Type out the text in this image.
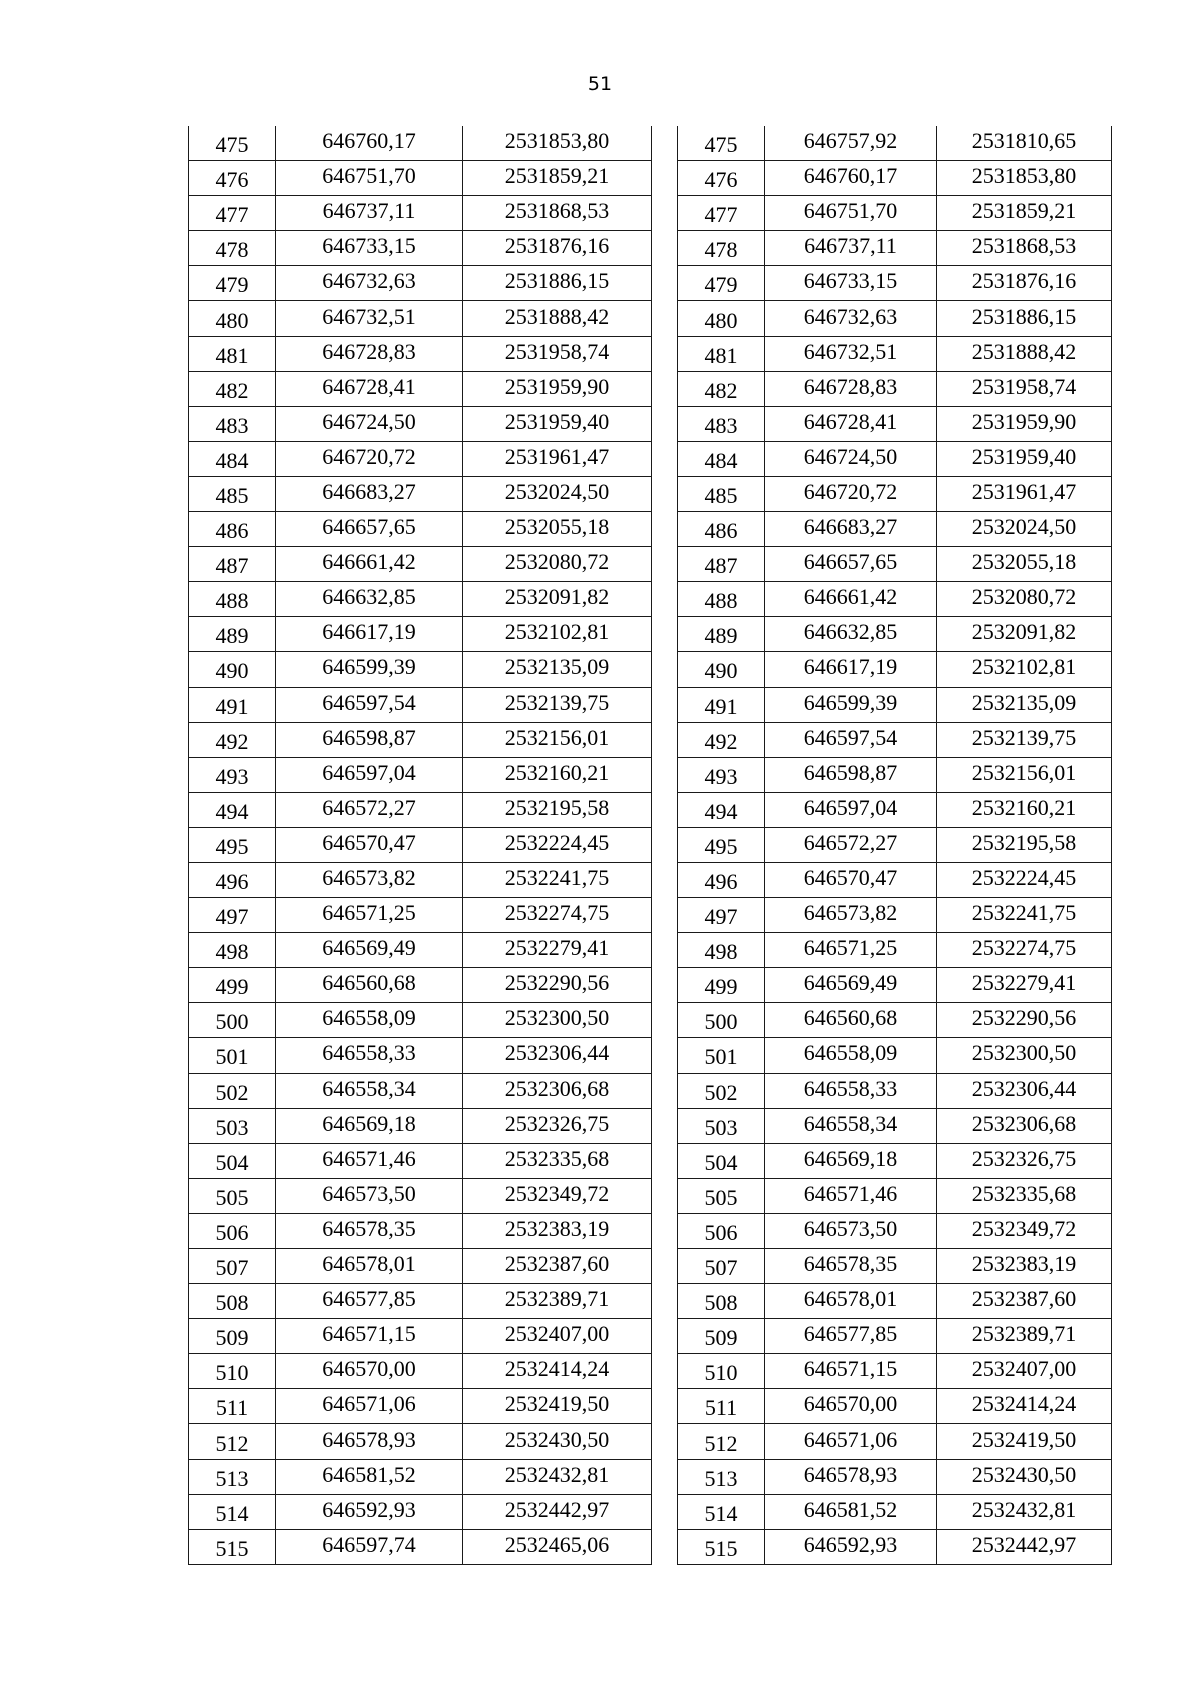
51
475	646760,17	2531853,80
476	646751,70	2531859,21
477	646737,11	2531868,53
478	646733,15	2531876,16
479	646732,63	2531886,15
480	646732,51	2531888,42
481	646728,83	2531958,74
482	646728,41	2531959,90
483	646724,50	2531959,40
484	646720,72	2531961,47
485	646683,27	2532024,50
486	646657,65	2532055,18
487	646661,42	2532080,72
488	646632,85	2532091,82
489	646617,19	2532102,81
490	646599,39	2532135,09
491	646597,54	2532139,75
492	646598,87	2532156,01
493	646597,04	2532160,21
494	646572,27	2532195,58
495	646570,47	2532224,45
496	646573,82	2532241,75
497	646571,25	2532274,75
498	646569,49	2532279,41
499	646560,68	2532290,56
500	646558,09	2532300,50
501	646558,33	2532306,44
502	646558,34	2532306,68
503	646569,18	2532326,75
504	646571,46	2532335,68
505	646573,50	2532349,72
506	646578,35	2532383,19
507	646578,01	2532387,60
508	646577,85	2532389,71
509	646571,15	2532407,00
510	646570,00	2532414,24
511	646571,06	2532419,50
512	646578,93	2532430,50
513	646581,52	2532432,81
514	646592,93	2532442,97
515	646597,74	2532465,06
475	646757,92	2531810,65
476	646760,17	2531853,80
477	646751,70	2531859,21
478	646737,11	2531868,53
479	646733,15	2531876,16
480	646732,63	2531886,15
481	646732,51	2531888,42
482	646728,83	2531958,74
483	646728,41	2531959,90
484	646724,50	2531959,40
485	646720,72	2531961,47
486	646683,27	2532024,50
487	646657,65	2532055,18
488	646661,42	2532080,72
489	646632,85	2532091,82
490	646617,19	2532102,81
491	646599,39	2532135,09
492	646597,54	2532139,75
493	646598,87	2532156,01
494	646597,04	2532160,21
495	646572,27	2532195,58
496	646570,47	2532224,45
497	646573,82	2532241,75
498	646571,25	2532274,75
499	646569,49	2532279,41
500	646560,68	2532290,56
501	646558,09	2532300,50
502	646558,33	2532306,44
503	646558,34	2532306,68
504	646569,18	2532326,75
505	646571,46	2532335,68
506	646573,50	2532349,72
507	646578,35	2532383,19
508	646578,01	2532387,60
509	646577,85	2532389,71
510	646571,15	2532407,00
511	646570,00	2532414,24
512	646571,06	2532419,50
513	646578,93	2532430,50
514	646581,52	2532432,81
515	646592,93	2532442,97
